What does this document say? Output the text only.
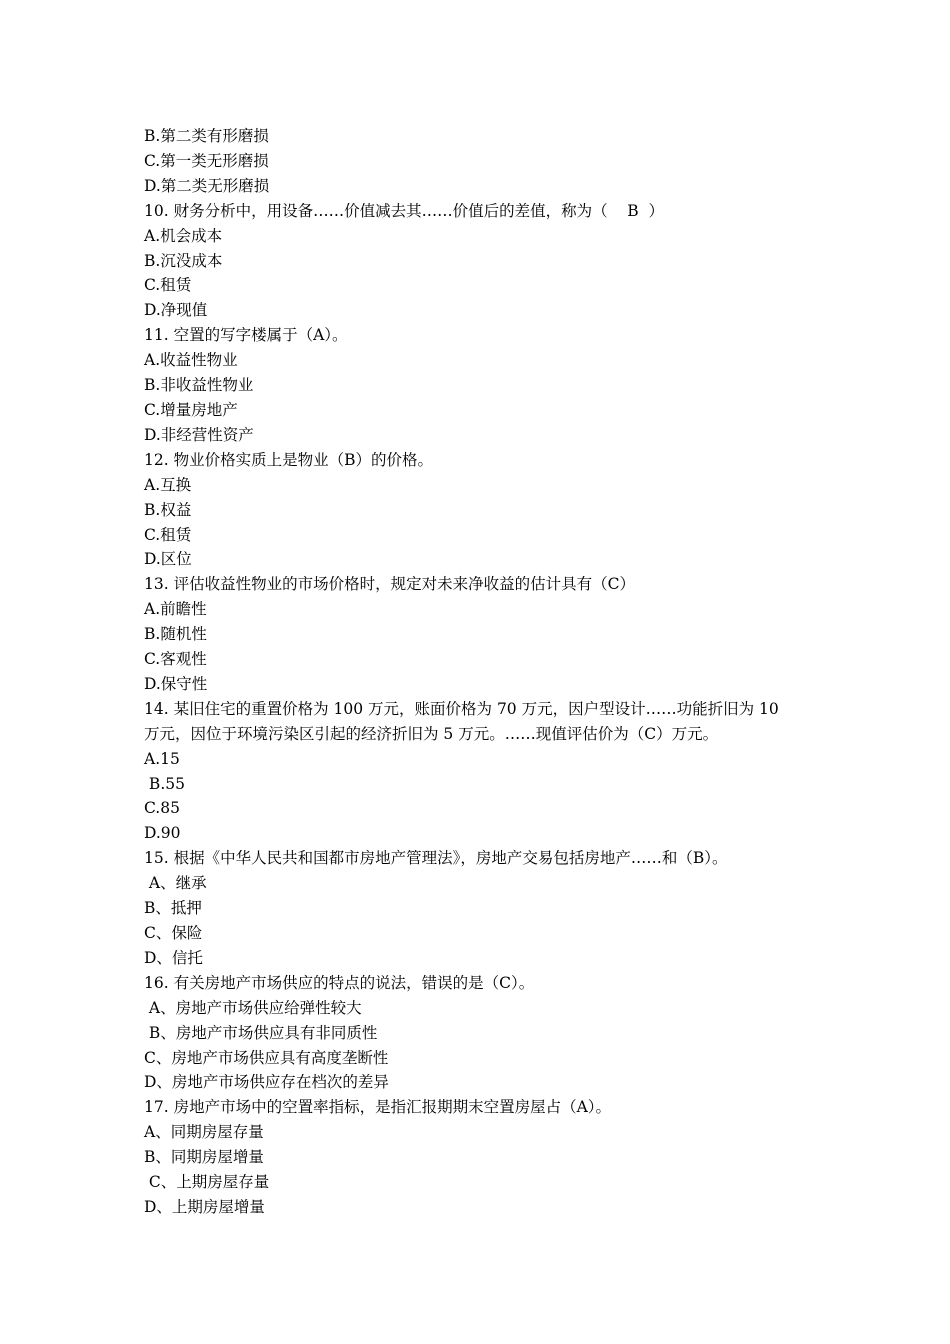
B.第二类有形磨损
C.第一类无形磨损
D.第二类无形磨损
10. 财务分析中，用设备……价值减去其……价值后的差值，称为（    B  ）
A.机会成本
B.沉没成本
C.租赁
D.净现值
11. 空置的写字楼属于（A）。
A.收益性物业
B.非收益性物业
C.增量房地产
D.非经营性资产
12. 物业价格实质上是物业（B）的价格。
A.互换
B.权益
C.租赁
D.区位
13. 评估收益性物业的市场价格时，规定对未来净收益的估计具有（C）
A.前瞻性
B.随机性
C.客观性
D.保守性
14. 某旧住宅的重置价格为 100 万元，账面价格为 70 万元，因户型设计……功能折旧为 10
万元，因位于环境污染区引起的经济折旧为 5 万元。……现值评估价为（C）万元。
A.15
B.55
C.85
D.90
15. 根据《中华人民共和国都市房地产管理法》，房地产交易包括房地产……和（B）。
A、继承
B、抵押
C、保险
D、信托
16. 有关房地产市场供应的特点的说法，错误的是（C）。
A、房地产市场供应给弹性较大
B、房地产市场供应具有非同质性
C、房地产市场供应具有高度垄断性
D、房地产市场供应存在档次的差异
17. 房地产市场中的空置率指标，是指汇报期期末空置房屋占（A）。
A、同期房屋存量
B、同期房屋增量
C、上期房屋存量
D、上期房屋增量
